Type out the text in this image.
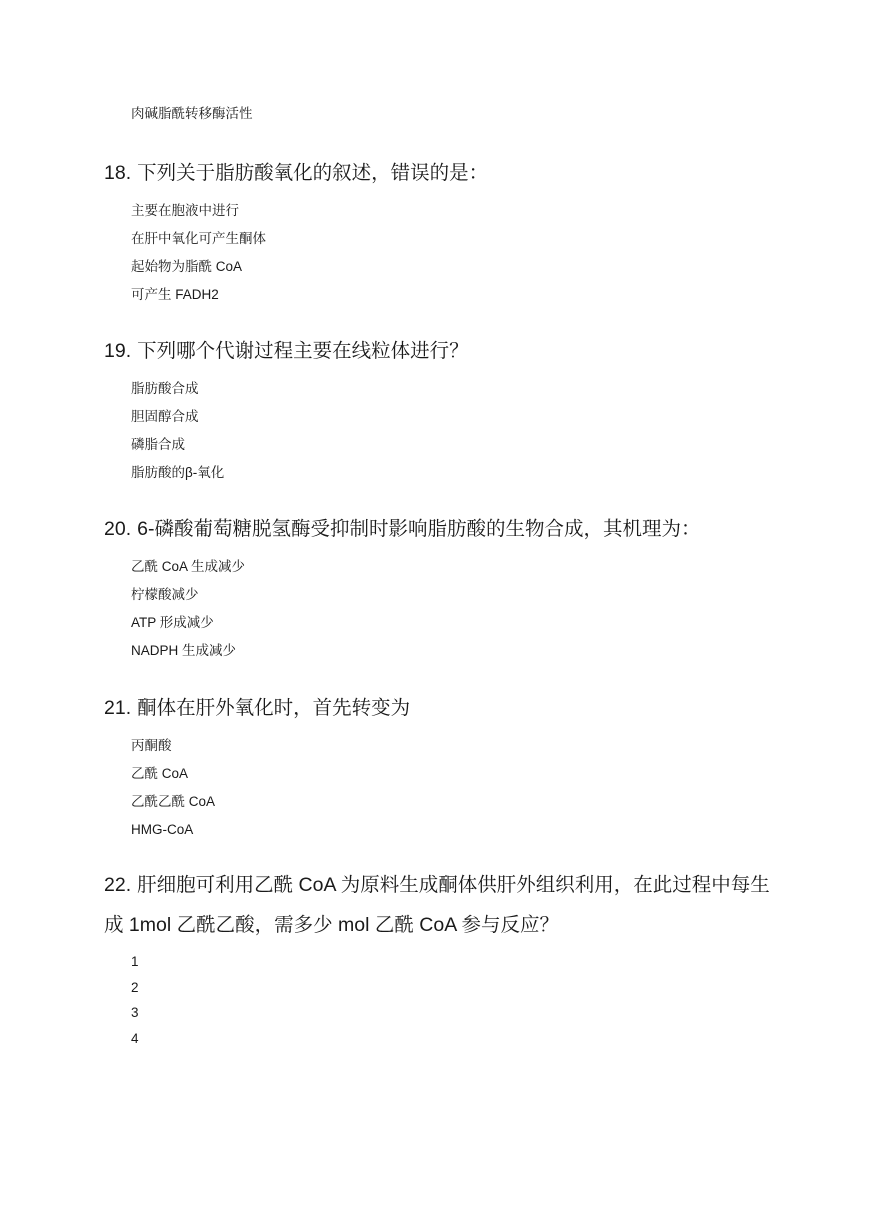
肉碱脂酰转移酶活性

18. 下列关于脂肪酸氧化的叙述，错误的是：

主要在胞液中进行
在肝中氧化可产生酮体
起始物为脂酰 CoA
可产生 FADH2

19. 下列哪个代谢过程主要在线粒体进行？

脂肪酸合成
胆固醇合成
磷脂合成
脂肪酸的β-氧化

20. 6-磷酸葡萄糖脱氢酶受抑制时影响脂肪酸的生物合成，其机理为：

乙酰 CoA 生成减少
柠檬酸减少
ATP 形成减少
NADPH 生成减少

21. 酮体在肝外氧化时，首先转变为

丙酮酸
乙酰 CoA
乙酰乙酰 CoA
HMG-CoA

22. 肝细胞可利用乙酰 CoA 为原料生成酮体供肝外组织利用，在此过程中每生成 1mol 乙酰乙酸，需多少 mol 乙酰 CoA 参与反应？

1
2
3
4
